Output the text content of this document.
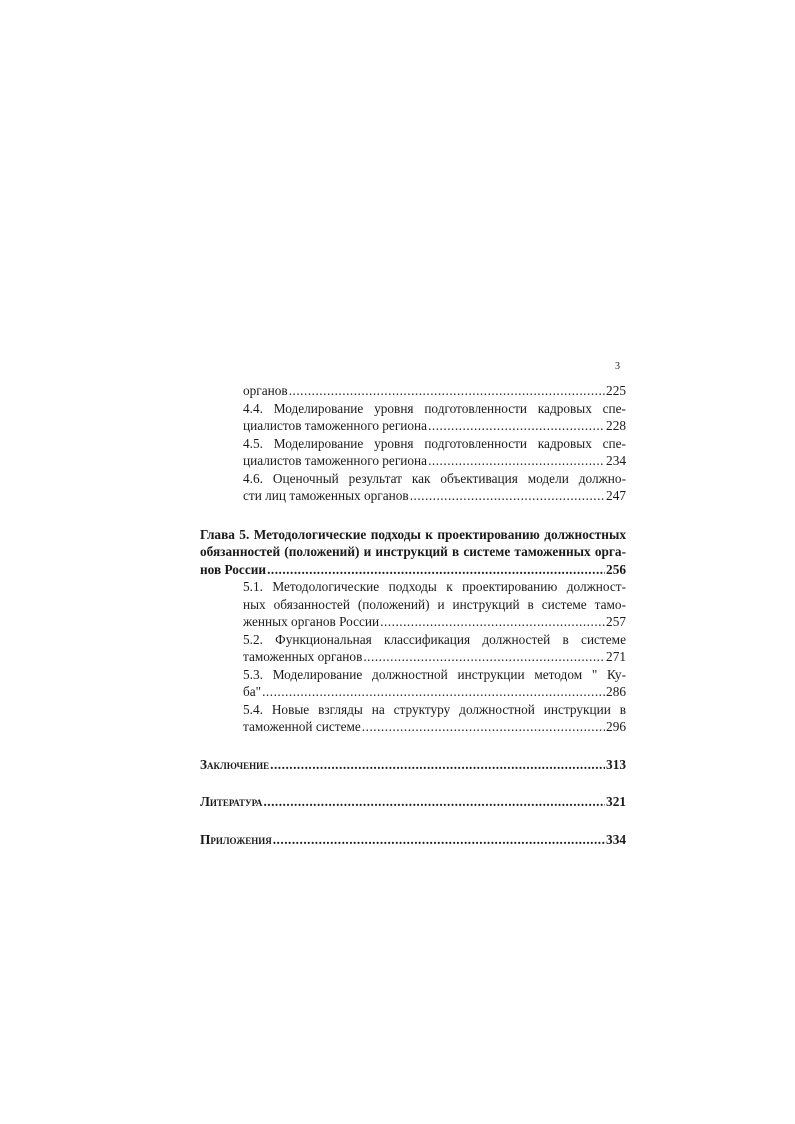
3
органов .....	225
4.4. Моделирование уровня подготовленности кадровых спе-
циалистов таможенного региона .....	228
4.5. Моделирование уровня подготовленности кадровых спе-
циалистов таможенного региона .....	234
4.6. Оценочный результат как объективация модели должно-
сти лиц таможенных органов .....	247
Глава 5. Методологические подходы к проектированию должностных
обязанностей (положений) и инструкций в системе таможенных орга-
нов России .....	256
5.1. Методологические подходы к проектированию должност-
ных обязанностей (положений) и инструкций в системе тамо-
женных органов России .....	257
5.2. Функциональная классификация должностей в системе
таможенных органов .....	271
5.3. Моделирование должностной инструкции методом " Ку-
ба" .....	286
5.4. Новые взгляды на структуру должностной инструкции в
таможенной системе .....	296
Заключение .....	313
Литература .....	321
Приложения .....	334
